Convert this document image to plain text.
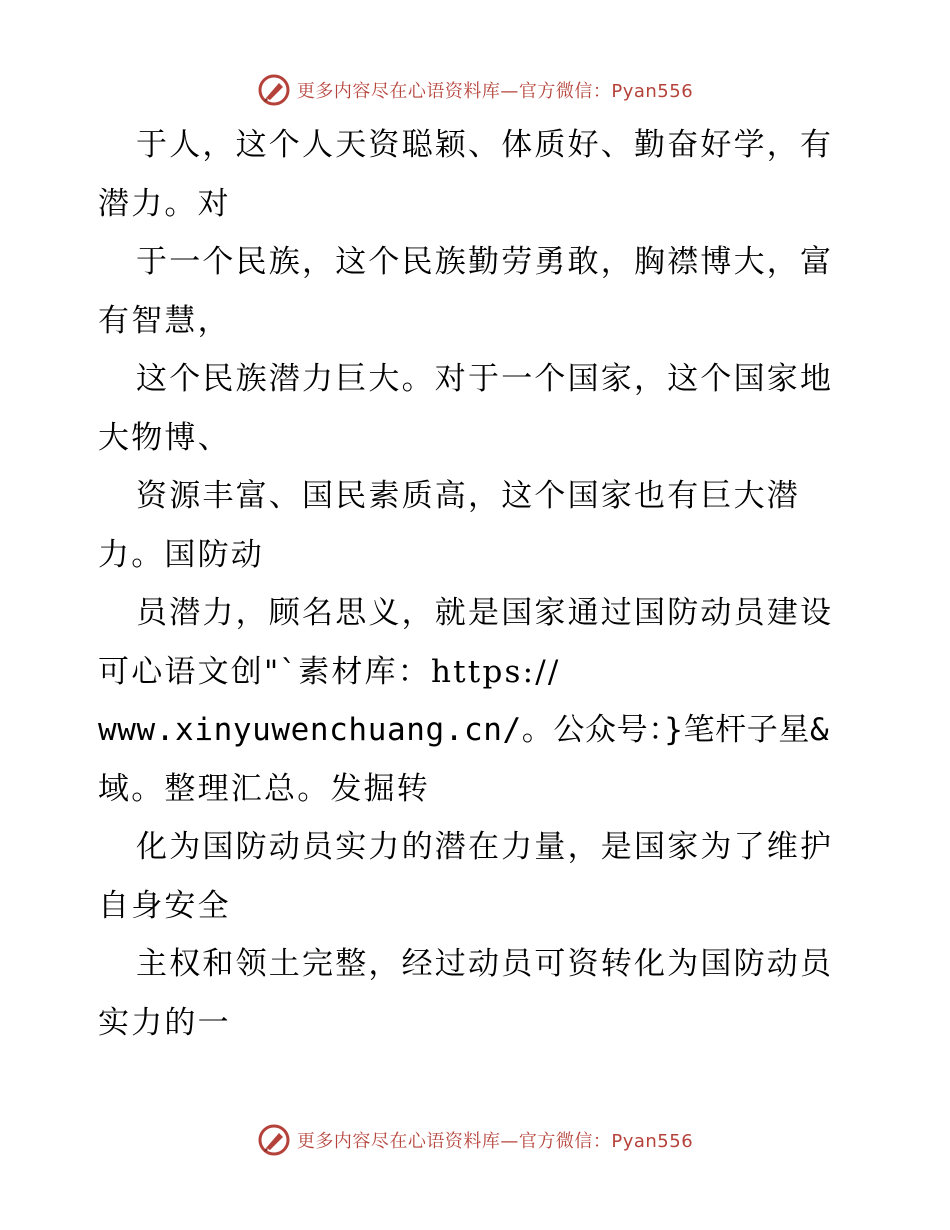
更多内容尽在心语资料库—官方微信：Pyan556
于人，这个人天资聪颖、体质好、勤奋好学，有
潜力。对
于一个民族，这个民族勤劳勇敢，胸襟博大，富
有智慧，
这个民族潜力巨大。对于一个国家，这个国家地
大物博、
资源丰富、国民素质高，这个国家也有巨大潜
力。国防动
员潜力，顾名思义，就是国家通过国防动员建设
可心语文创"`素材库：https://
www.xinyuwenchuang.cn/。公众号：}笔杆子星&
域。整理汇总。发掘转
化为国防动员实力的潜在力量，是国家为了维护
自身安全
主权和领土完整，经过动员可资转化为国防动员
实力的一
更多内容尽在心语资料库—官方微信：Pyan556
